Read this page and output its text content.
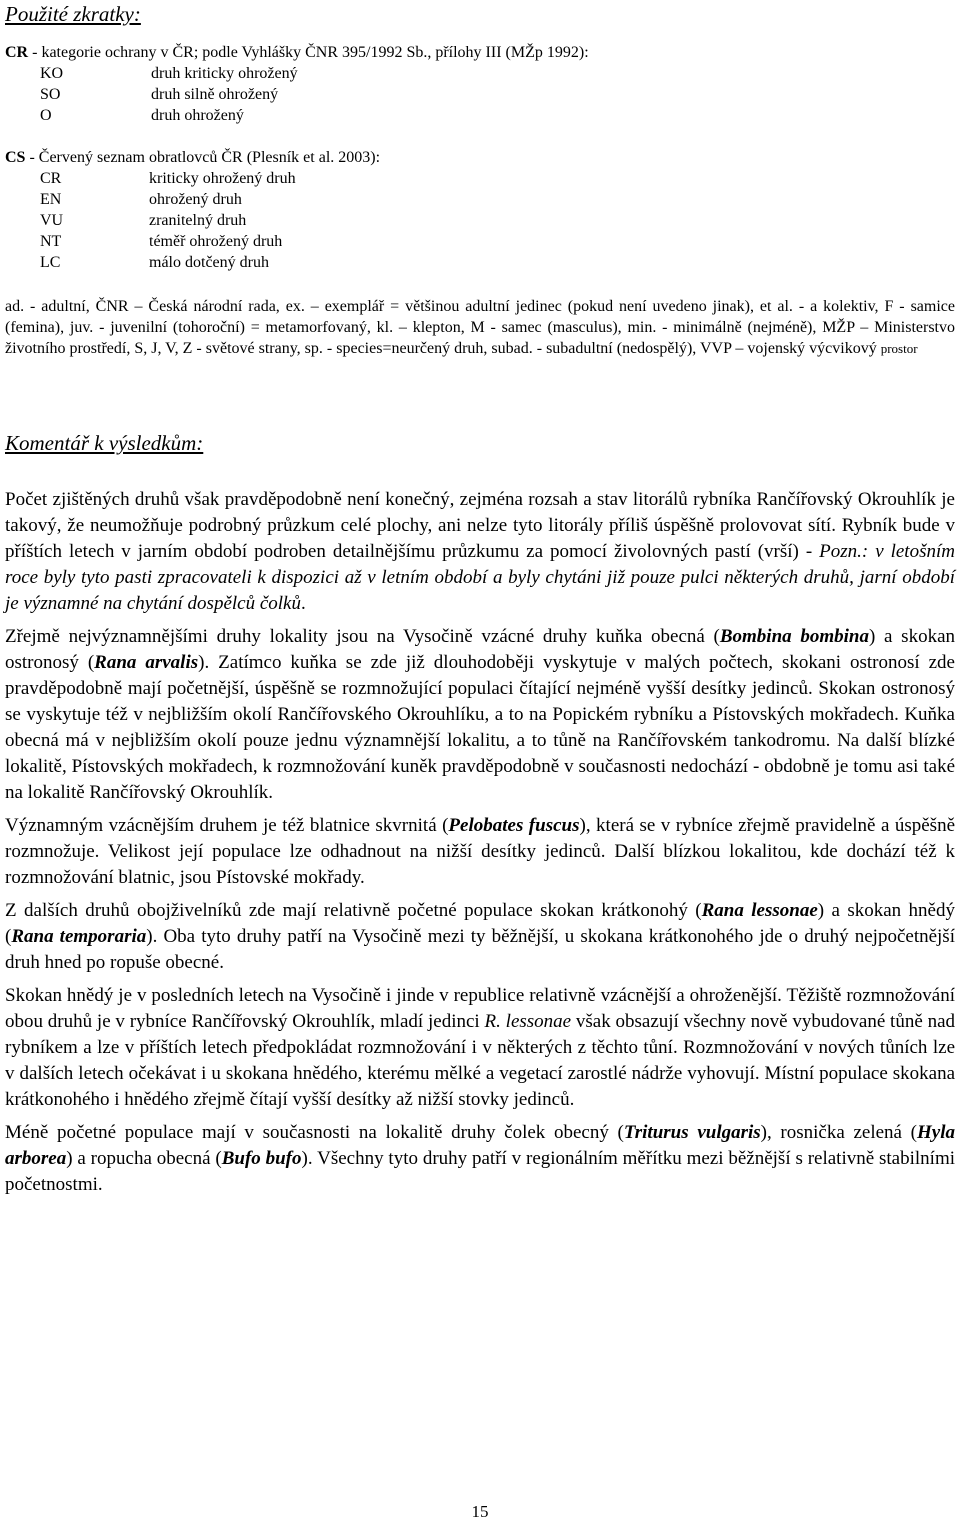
Použité zkratky:
CR - kategorie ochrany v ČR; podle Vyhlášky ČNR 395/1992 Sb., přílohy III (MŽp 1992):
KO	druh kriticky ohrožený
SO	druh silně ohrožený
O	druh ohrožený
CS - Červený seznam obratlovců ČR (Plesník et al. 2003):
CR	kriticky ohrožený druh
EN	ohrožený druh
VU	zranitelný druh
NT	téměř ohrožený druh
LC	málo dotčený druh
ad. - adultní, ČNR – Česká národní rada, ex. – exemplář = většinou adultní jedinec (pokud není uvedeno jinak), et al. - a kolektiv, F - samice (femina), juv. - juvenilní (tohoroční) = metamorfovaný, kl. – klepton, M - samec (masculus), min. - minimálně (nejméně), MŽP – Ministerstvo životního prostředí, S, J, V, Z - světové strany, sp. - species=neurčený druh, subad. - subadultní (nedospělý), VVP – vojenský výcvikový prostor
Komentář k výsledkům:

Počet zjištěných druhů však pravděpodobně není konečný, zejména rozsah a stav litorálů rybníka Rančířovský Okrouhlík je takový, že neumožňuje podrobný průzkum celé plochy, ani nelze tyto litorály příliš úspěšně prolovovat sítí. Rybník bude v příštích letech v jarním období podroben detailnějšímu průzkumu za pomocí živolovných pastí (vrší) - Pozn.: v letošním roce byly tyto pasti zpracovateli k dispozici až v letním období a byly chytáni již pouze pulci některých druhů, jarní období je významné na chytání dospělců čolků.

Zřejmě nejvýznamnějšími druhy lokality jsou na Vysočině vzácné druhy kuňka obecná (Bombina bombina) a skokan ostronosý (Rana arvalis). Zatímco kuňka se zde již dlouhodoběji vyskytuje v malých počtech, skokani ostronosí zde pravděpodobně mají početnější, úspěšně se rozmnožující populaci čítající nejméně vyšší desítky jedinců. Skokan ostronosý se vyskytuje též v nejbližším okolí Rančířovského Okrouhlíku, a to na Popickém rybníku a Pístovských mokřadech. Kuňka obecná má v nejbližším okolí pouze jednu významnější lokalitu, a to tůně na Rančířovském tankodromu. Na další blízké lokalitě, Pístovských mokřadech, k rozmnožování kuněk pravděpodobně v současnosti nedochází - obdobně je tomu asi také na lokalitě Rančířovský Okrouhlík.

Významným vzácnějším druhem je též blatnice skvrnitá (Pelobates fuscus), která se v rybníce zřejmě pravidelně a úspěšně rozmnožuje. Velikost její populace lze odhadnout na nižší desítky jedinců. Další blízkou lokalitou, kde dochází též k rozmnožování blatnic, jsou Pístovské mokřady.

Z dalších druhů obojživelníků zde mají relativně početné populace skokan krátkonohý (Rana lessonae) a skokan hnědý (Rana temporaria). Oba tyto druhy patří na Vysočině mezi ty běžnější, u skokana krátkonohého jde o druhý nejpočetnější druh hned po ropuše obecné.

Skokan hnědý je v posledních letech na Vysočině i jinde v republice relativně vzácnější a ohroženější. Těžiště rozmnožování obou druhů je v rybníce Rančířovský Okrouhlík, mladí jedinci R. lessonae však obsazují všechny nově vybudované tůně nad rybníkem a lze v příštích letech předpokládat rozmnožování i v některých z těchto tůní. Rozmnožování v nových tůních lze v dalších letech očekávat i u skokana hnědého, kterému mělké a vegetací zarostlé nádrže vyhovují. Místní populace skokana krátkonohého i hnědého zřejmě čítají vyšší desítky až nižší stovky jedinců.

Méně početné populace mají v současnosti na lokalitě druhy čolek obecný (Triturus vulgaris), rosnička zelená (Hyla arborea) a ropucha obecná (Bufo bufo). Všechny tyto druhy patří v regionálním měřítku mezi běžnější s relativně stabilními početnostmi.

15
